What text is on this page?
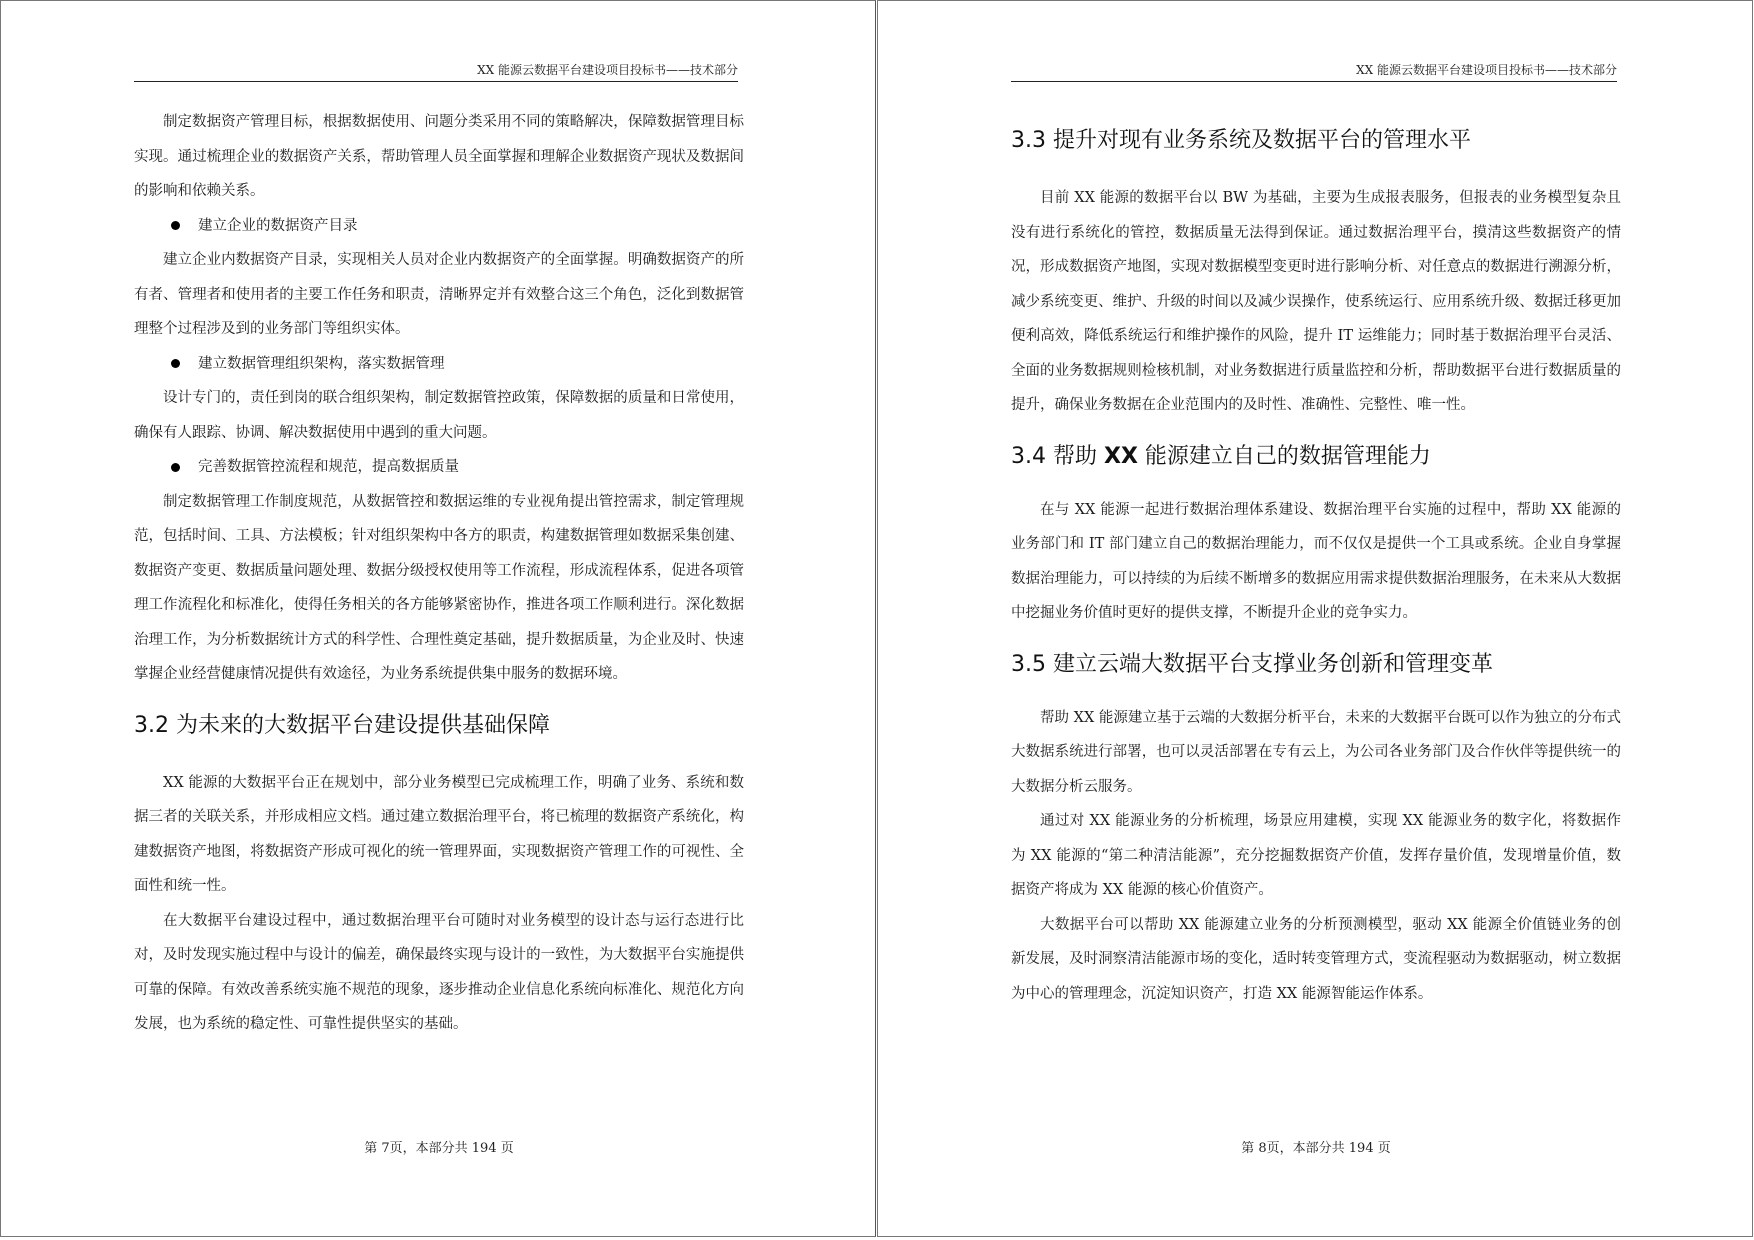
XX 能源云数据平台建设项目投标书——技术部分

制定数据资产管理目标，根据数据使用、问题分类采用不同的策略解决，保障数据管理目标实现。通过梳理企业的数据资产关系，帮助管理人员全面掌握和理解企业数据资产现状及数据间的影响和依赖关系。

建立企业的数据资产目录

建立企业内数据资产目录，实现相关人员对企业内数据资产的全面掌握。明确数据资产的所有者、管理者和使用者的主要工作任务和职责，清晰界定并有效整合这三个角色，泛化到数据管理整个过程涉及到的业务部门等组织实体。

建立数据管理组织架构，落实数据管理

设计专门的，责任到岗的联合组织架构，制定数据管控政策，保障数据的质量和日常使用，确保有人跟踪、协调、解决数据使用中遇到的重大问题。

完善数据管控流程和规范，提高数据质量

制定数据管理工作制度规范，从数据管控和数据运维的专业视角提出管控需求，制定管理规范，包括时间、工具、方法模板；针对组织架构中各方的职责，构建数据管理如数据采集创建、数据资产变更、数据质量问题处理、数据分级授权使用等工作流程，形成流程体系，促进各项管理工作流程化和标准化，使得任务相关的各方能够紧密协作，推进各项工作顺利进行。深化数据治理工作，为分析数据统计方式的科学性、合理性奠定基础，提升数据质量，为企业及时、快速掌握企业经营健康情况提供有效途径，为业务系统提供集中服务的数据环境。

3.2 为未来的大数据平台建设提供基础保障

XX 能源的大数据平台正在规划中，部分业务模型已完成梳理工作，明确了业务、系统和数据三者的关联关系，并形成相应文档。通过建立数据治理平台，将已梳理的数据资产系统化，构建数据资产地图，将数据资产形成可视化的统一管理界面，实现数据资产管理工作的可视性、全面性和统一性。

在大数据平台建设过程中，通过数据治理平台可随时对业务模型的设计态与运行态进行比对，及时发现实施过程中与设计的偏差，确保最终实现与设计的一致性，为大数据平台实施提供可靠的保障。有效改善系统实施不规范的现象，逐步推动企业信息化系统向标准化、规范化方向发展，也为系统的稳定性、可靠性提供坚实的基础。

第 7页，本部分共 194 页
XX 能源云数据平台建设项目投标书——技术部分
3.3 提升对现有业务系统及数据平台的管理水平

目前 XX 能源的数据平台以 BW 为基础，主要为生成报表服务，但报表的业务模型复杂且没有进行系统化的管控，数据质量无法得到保证。通过数据治理平台，摸清这些数据资产的情况，形成数据资产地图，实现对数据模型变更时进行影响分析、对任意点的数据进行溯源分析，减少系统变更、维护、升级的时间以及减少误操作，使系统运行、应用系统升级、数据迁移更加便利高效，降低系统运行和维护操作的风险，提升 IT 运维能力；同时基于数据治理平台灵活、全面的业务数据规则检核机制，对业务数据进行质量监控和分析，帮助数据平台进行数据质量的提升，确保业务数据在企业范围内的及时性、准确性、完整性、唯一性。

3.4 帮助 XX 能源建立自己的数据管理能力

在与 XX 能源一起进行数据治理体系建设、数据治理平台实施的过程中，帮助 XX 能源的业务部门和 IT 部门建立自己的数据治理能力，而不仅仅是提供一个工具或系统。企业自身掌握数据治理能力，可以持续的为后续不断增多的数据应用需求提供数据治理服务，在未来从大数据中挖掘业务价值时更好的提供支撑，不断提升企业的竞争实力。

3.5 建立云端大数据平台支撑业务创新和管理变革

帮助 XX 能源建立基于云端的大数据分析平台，未来的大数据平台既可以作为独立的分布式大数据系统进行部署，也可以灵活部署在专有云上，为公司各业务部门及合作伙伴等提供统一的大数据分析云服务。

通过对 XX 能源业务的分析梳理，场景应用建模，实现 XX 能源业务的数字化，将数据作为 XX 能源的“第二种清洁能源”，充分挖掘数据资产价值，发挥存量价值，发现增量价值，数据资产将成为 XX 能源的核心价值资产。

大数据平台可以帮助 XX 能源建立业务的分析预测模型，驱动 XX 能源全价值链业务的创新发展，及时洞察清洁能源市场的变化，适时转变管理方式，变流程驱动为数据驱动，树立数据为中心的管理理念，沉淀知识资产，打造 XX 能源智能运作体系。

第 8页，本部分共 194 页
